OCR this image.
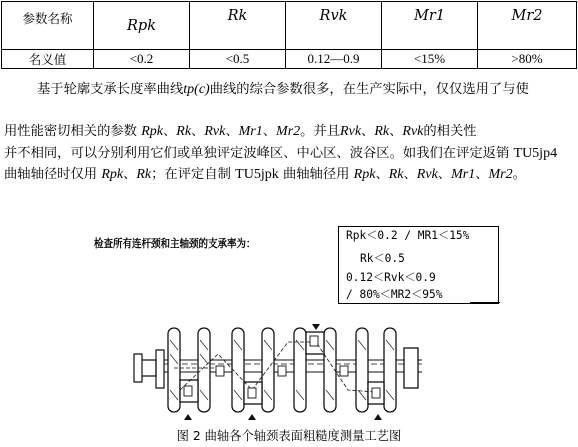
参数名称	Rpk	Rk	Rvk	Mr1	Mr2
名义值	<0.2	<0.5	0.12—0.9	<15%	>80%
基于轮廓支承长度率曲线tp(c)曲线的综合参数很多，在生产实际中，仅仅选用了与使
用性能密切相关的参数 Rpk、Rk、Rvk、Mr1、Mr2。并且Rvk、Rk、Rvk的相关性
并不相同，可以分别利用它们或单独评定波峰区、中心区、波谷区。如我们在评定返销 TU5jp4
曲轴轴径时仅用 Rpk、Rk；在评定自制 TU5jpk 曲轴轴径用 Rpk、Rk、Rvk、Mr1、Mr2。
检查所有连杆颈和主轴颈的支承率为：
Rpk＜0.2 / MR1＜15%
Rk＜0.5
0.12＜Rvk＜0.9
/ 80%＜MR2＜95%
图 2 曲轴各个轴颈表面粗糙度测量工艺图
